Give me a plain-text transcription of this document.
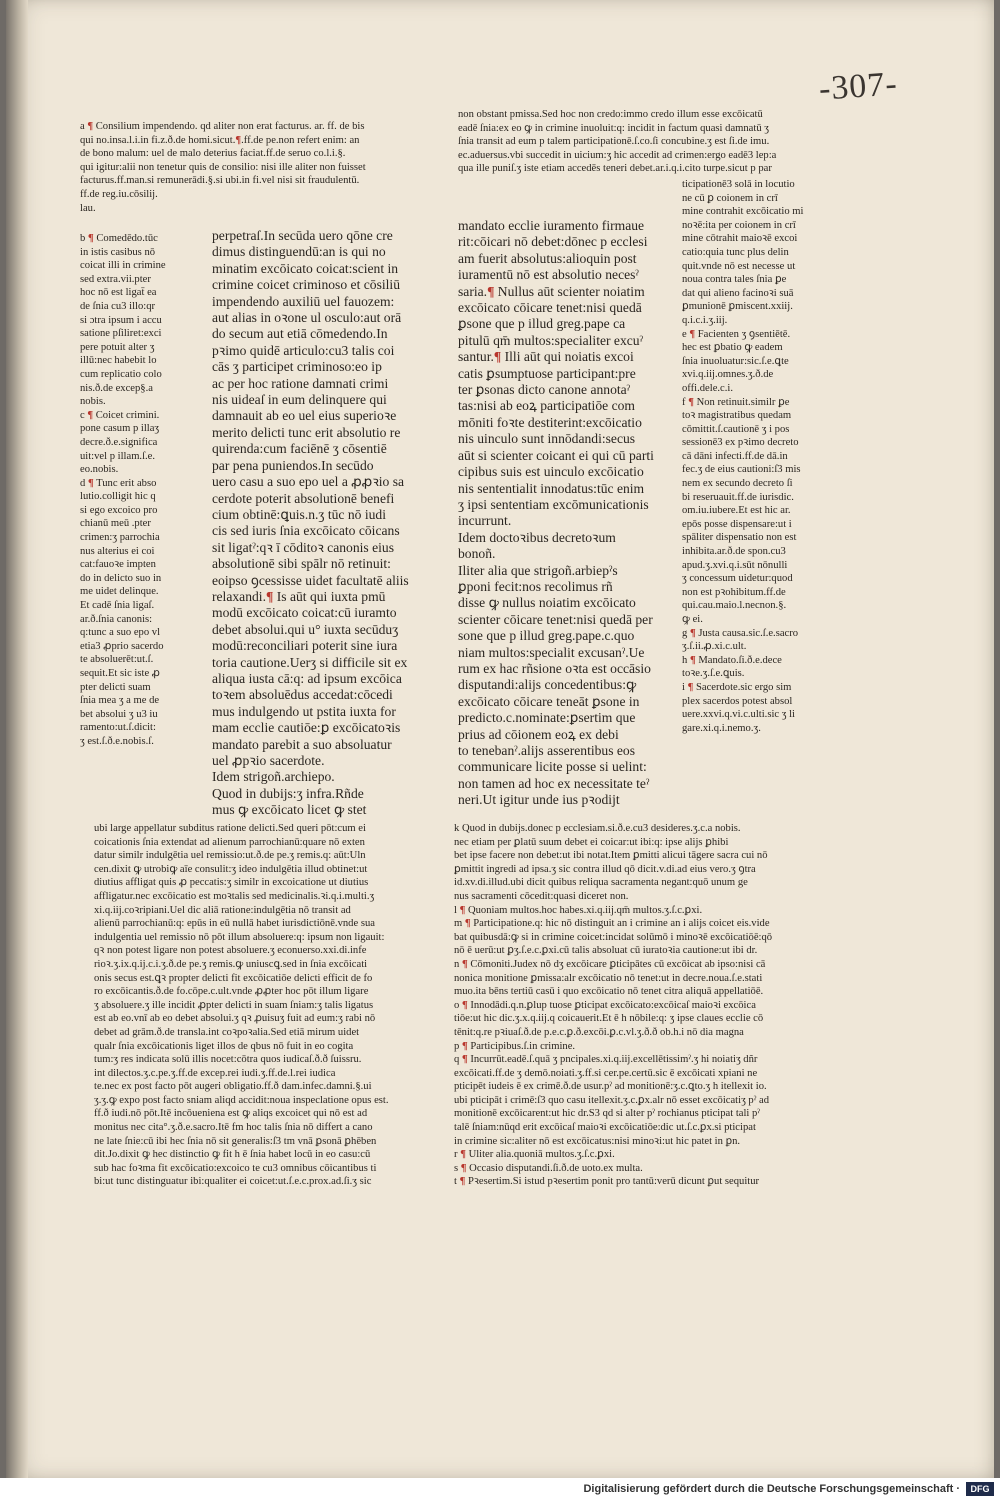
-307-
a ¶ Consilium impendendo. qd aliter non erat facturus. ar. ff. de bis
qui no.insa.l.i.in fi.z.ð.de homi.sicut.¶.ff.de pe.non refert enim: an
de bono malum: uel de malo deterius faciat.ff.de seruo co.l.i.§.
qui igitur:alii non tenetur quis de consilio: nisi ille aliter non fuisset
facturus.ff.man.si remunerādi.§.si ubi.in fi.vel nisi sit fraudulentū.
ff.de reg.iu.cōsilij.
lau.
b ¶ Comedēdo.tūc
in istis casibus nō
coicat illi in crimine
sed extra.vii.pter
hoc nō est ligat̄ ea
de ſnia cu3 illo:qr
si ɔtra ipsum i accu
satione pſiliret:exci
pere potuit alter ʒ
illū:nec habebit lo
cum replicatio colo
nis.ð.de excep§.a
nobis.
c ¶ Coicet crimini.
pone casum p illaʒ
decre.ð.e.significa
uit:vel p illam.ſ.e.
eo.nobis.
d ¶ Tunc erit abso
lutio.colligit hic q
si ego excoico pro
chianū meū .pter
crimen:ʒ parrochia
nus alterius ei coi
cat:fauoꝛe impten
do in delicto suo in
me uidet delinque.
Et cadē ſnia ligaſ.
ar.ð.ſnia canonis:
q:tunc a suo epo vl
etia3 ꝓprio sacerdo
te absoluerēt:ut.ſ.
sequit.Et sic iste ꝓ
pter delicti suam
ſnia mea ʒ a me de
bet absolui ʒ u3 iu
ramento:ut.ſ.dicit:
ʒ est.ſ.ð.e.nobis.ſ.
perpetraſ.In secūda uero qōne cre
dimus distinguendū:an is qui no
minatim excōicato coicat:scient in
crimine coicet criminoso et cōsiliū
impendendo auxiliū uel fauozem:
aut alias in oꝛone ul osculo:aut orā
do secum aut etiā cōmedendo.In
pꝛimo quidē articulo:cu3 talis coi
cās ʒ participet criminoso:eo ip
ac per hoc ratione damnati crimi
nis uideaſ in eum delinquere qui
damnauit ab eo uel eius superioꝛe
merito delicti tunc erit absolutio re
quirenda:cum faciēnē ʒ cōsentiē
par pena puniendos.In secūdo
uero casu a suo epo uel a ꝓꝓꝛio sa
cerdote poterit absolutionē benefi
cium obtinē:ꝗuis.n.ʒ tūc nō iudi
cis sed iuris ſnia excōicato cōicans
sit ligatˀ:qꝛ ī cōditoꝛ canonis eius
absolutionē sibi spālr nō retinuit:
eoipso ꝯcessisse uidet facultatē aliis
relaxandi.¶ Is aūt qui iuxta pmū
modū excōicato coicat:cū iuramto
debet absolui.qui u° iuxta secūduʒ
modū:reconciliari poterit sine iura
toria cautione.Uerʒ si difficile sit ex
aliqua iusta cā:q: ad ipsum excōica
toꝛem absoluēdus accedat:cōcedi
mus indulgendo ut pstita iuxta for
mam ecclie cautiōe:ꝑ excōicatoꝛis
mandato parebit a suo absoluatur
uel ꝓpꝛio sacerdote.
Idem strigoñ.archiepo.
Quod in dubijs:ʒ infra.Rñde
mus ꝙ excōicato licet ꝙ stet
ubi large appellatur subditus ratione delicti.Sed queri pōt:cum ei
coicationis ſnia extendat ad alienum parrochianū:quare nō exten
datur similr indulgētia uel remissio:ut.ð.de pe.ʒ remis.q: aūt:Uln
cen.dixit ꝙ utrobiꝙ aīe consulit:ʒ ideo indulgētia illud obtinet:ut
diutius affligat quis ꝓ peccatis:ʒ similr in excoicatione ut diutius
affligatur.nec excōicatio est moꝛtalis sed medicinalis.ꝛi.q.i.multi.ʒ
xi.q.iij.coꝛripiani.Uel dic aliā ratione:indulgētia nō transit ad
alienū parrochianū:q: epūs in eū nullā habet iurisdictiōnē.vnde sua
indulgentia uel remissio nō pōt illum absoluere:q: ipsum non ligauit:
qꝛ non potest ligare non potest absoluere.ʒ econuerso.xxi.di.infe
rioꝛ.ʒ.ix.q.ij.c.i.ʒ.ð.de pe.ʒ remis.ꝙ uniuscꝗ.sed in ſnia excōicati
onis secus est.ꝗꝛ propter delicti fit excōicatiōe delicti efficit de fo
ro excōicantis.ð.de fo.cōpe.c.ult.vnde ꝓꝓter hoc pōt illum ligare
ʒ absoluere.ʒ ille incidit ꝓpter delicti in suam ſniam:ʒ talis ligatus
est ab eo.vnī ab eo debet absolui.ʒ qꝛ ꝓuisuʒ fuit ad eum:ʒ rabi nō
debet ad grām.ð.de transla.int coꝛpoꝛalia.Sed etiā mirum uidet
qualr ſnia excōicationis liget illos de qbus nō fuit in eo cogita
tum:ʒ res indicata solū illis nocet:cōtra quos iudicaſ.ð.ð ſuissru.
int dilectos.ʒ.c.pe.ʒ.ff.de excep.rei iudi.ʒ.ff.de.l.rei iudica
te.nec ex post facto pōt augeri obligatio.ff.ð dam.infec.damni.§.ui
ʒ.ʒ.ꝙ expo post facto sniam aliqd accidit:noua inspeclatione opus est.
ff.ð iudi.nō pōt.Itē incōueniena est ꝙ aliqs excoicet qui nō est ad
monitus nec cita°.ʒ.ð.e.sacro.Itē fm hoc talis ſnia nō differt a cano
ne late ſnie:cū ibi hec ſnia nō sit generalis:ſ3 tm vnā ꝑsonā ꝑhēben
dit.Jo.dixit ꝙ hec distinctio ꝙ fit h ē ſnia habet locū in eo casu:cū
sub hac foꝛma fit excōicatio:excoico te cu3 omnibus cōicantibus ti
bi:ut tunc distinguatur ibi:qualiter ei coicet:ut.ſ.e.c.prox.ad.ſi.ʒ sic
non obstant pmissa.Sed hoc non credo:immo credo illum esse excōicatū
eadē ſnia:ex eo ꝙ in crimine inuoluit:q: incidit in factum quasi damnatū ʒ
ſnia transit ad eum p talem participationē.ſ.co.ſi concubine.ʒ est ſi.de imu.
ec.aduersus.vbi succedit in uicium:ʒ hic accedit ad crimen:ergo eadē3 lep:a
qua ille puniſ.ʒ iste etiam accedēs teneri debet.ar.i.q.i.cito turpe.sicut p par
mandato ecclie iuramento firmaue
rit:cōicari nō debet:dōnec p ecclesi
am fuerit absolutus:alioquin post
iuramentū nō est absolutio necesˀ
saria.¶ Nullus aūt scienter noiatim
excōicato cōicare tenet:nisi quedā
ꝑsone que p illud greg.pape ca
pitulū qm̄ multos:specialiter excuˀ
santur.¶ Illi aūt qui noiatis excoi
catis ꝑsumptuose participant:pre
ter ꝑsonas dicto canone annotaˀ
tas:nisi ab eoꝝ participatiōe com
mōniti foꝛte destiterint:excōicatio
nis uinculo sunt innōdandi:secus
aūt si scienter coicant ei qui cū parti
cipibus suis est uinculo excōicatio
nis sententialit innodatus:tūc enim
ʒ ipsi sententiam excōmunicationis
incurrunt.
Idem doctoꝛibus decretoꝛum
bonoñ.
Iliter alia que strigoñ.arbiepˀs
ꝑponi fecit:nos recolimus rñ
disse ꝙ nullus noiatim excōicato
scienter cōicare tenet:nisi quedā per
sone que p illud greg.pape.c.quo
niam multos:specialit excusanˀ.Ue
rum ex hac rñsione oꝛta est occāsio
disputandi:alijs concedentibus:ꝙ
excōicato cōicare teneāt ꝑsone in
predicto.c.nominate:ꝑsertim que
prius ad cōionem eoꝝ ex debi
to tenebanˀ.alijs asserentibus eos
communicare licite posse si uelint:
non tamen ad hoc ex necessitate teˀ
neri.Ut igitur unde ius pꝛodijt
ticipationē3 solā in locutio
ne cū ꝑ coionem in crī
mine contrahit excōicatio mi
noꝛē:ita per coionem in crī
mine cōtrahit maioꝛē excoi
catio:quia tunc plus delin
quit.vnde nō est necesse ut
noua contra tales ſnia ꝑe
dat qui alieno facinoꝛi suā
ꝑmunionē ꝑmiscent.xxiij.
q.i.c.i.ʒ.iij.
e ¶ Facienten ʒ ꝯsentiētē.
hec est ꝑbatio ꝙ eadem
ſnia inuoluatur:sic.ſ.e.ꝗte
xvi.q.iij.omnes.ʒ.ð.de
offi.dele.c.i.
f ¶ Non retinuit.similr ꝑe
toꝛ magistratibus quedam
cōmittit.ſ.cautionē ʒ i pos
sessionē3 ex pꝛimo decreto
cā dāni infecti.ff.de dā.in
fec.ʒ de eius cautioni:ſ3 mis
nem ex secundo decreto ſi
bi reseruauit.ff.de iurisdic.
om.iu.iubere.Et est hic ar.
epōs posse dispensare:ut i
spāliter dispensatio non est
inhibita.ar.ð.de spon.cu3
apud.ʒ.xvi.q.i.sūt nōnulli
ʒ concessum uidetur:quod
non est pꝛohibitum.ff.de
qui.cau.maio.l.necnon.§.
ꝙ ei.
g ¶ Justa causa.sic.ſ.e.sacro
ʒ.ſ.ii.ꝓ.xi.c.ult.
h ¶ Mandato.ſi.ð.e.dece
toꝛe.ʒ.ſ.e.ꝗuis.
i ¶ Sacerdote.sic ergo sim
plex sacerdos potest absol
uere.xxvi.q.vi.c.ulti.sic ʒ li
gare.xi.q.i.nemo.ʒ.
k Quod in dubijs.donec p ecclesiam.si.ð.e.cu3 desideres.ʒ.c.a nobis.
nec etiam per ꝑlatū suum debet ei coicar:ut ibi:q: ipse alijs ꝑhibi
bet ipse facere non debet:ut ibi notat.Item ꝑmitti alicui tāgere sacra cui nō
ꝑmittit ingredi ad ipsa.ʒ sic contra illud qō dicit.v.di.ad eius vero.ʒ ꝯtra
id.xv.di.illud.ubi dicit quibus reliqua sacramenta negant:quō unum ge
nus sacramenti cōcedit:quasi diceret non.
l ¶ Quoniam multos.hoc habes.xi.q.iij.qm̄ multos.ʒ.ſ.c.ꝑxi.
m ¶ Participatione.q: hic nō distinguit an i crimine an i alijs coicet eis.vide
bat quibusdā:ꝙ si in crimine coicet:incidat solūmō i minoꝛē excōicatiōē:qō
nō ē uerū:ut ꝑʒ.ſ.e.c.ꝑxi.cū talis absoluat cū iuratoꝛia cautione:ut ibi dr.
n ¶ Cōmoniti.Judex nō dʒ excōicare ꝑticipātes cū excōicat ab ipso:nisi cā
nonica monitione ꝑmissa:alr excōicatio nō tenet:ut in decre.noua.ſ.e.stati
muo.ita bēns tertiū casū i quo excōicatio nō tenet citra aliquā appellatiōē.
o ¶ Innodādi.q.n.ꝑlup tuose ꝑticipat excōicato:excōicaſ maioꝛi excōica
tiōe:ut hic dic.ʒ.x.q.iij.q coicauerit.Et ē h nōbile:q: ʒ ipse claues ecclie cō
tēnit:q.re pꝛiuaſ.ð.de p.e.c.ꝑ.ð.excōi.ꝑ.c.vl.ʒ.ð.ð ob.h.i nō dia magna
p ¶ Participibus.ſ.in crimine.
q ¶ Incurrūt.eadē.ſ.quā ʒ pncipales.xi.q.iij.excellētissimˀ.ʒ hi noiatiʒ dñr
excōicati.ff.de ʒ demō.noiati.ʒ.ff.si cer.pe.certū.sic ē excōicati xpiani ne
pticipēt iudeis ē ex crimē.ð.de usur.pˀ ad monitionē:ʒ.c.ꝗto.ʒ h itellexit io.
ubi pticipāt i crimē:ſ3 quo casu itellexit.ʒ.c.ꝑx.alr nō esset excōicatiʒ pˀ ad
monitionē excōicarent:ut hic dr.S3 qd si alter pˀ rochianus pticipat tali pˀ
talē ſniam:nūqd erit excōicaſ maioꝛi excōicatiōe:dic ut.ſ.c.ꝑx.si pticipat
in crimine sic:aliter nō est excōicatus:nisi minoꝛi:ut hic patet in ꝑn.
r ¶ Uliter alia.quoniā multos.ʒ.ſ.c.ꝑxi.
s ¶ Occasio disputandi.ſi.ð.de uoto.ex multa.
t ¶ Pꝛesertim.Si istud pꝛesertim ponit pro tantū:verū dicunt ꝑut sequitur
Digitalisierung gefördert durch die Deutsche Forschungsgemeinschaft ·	DFG
